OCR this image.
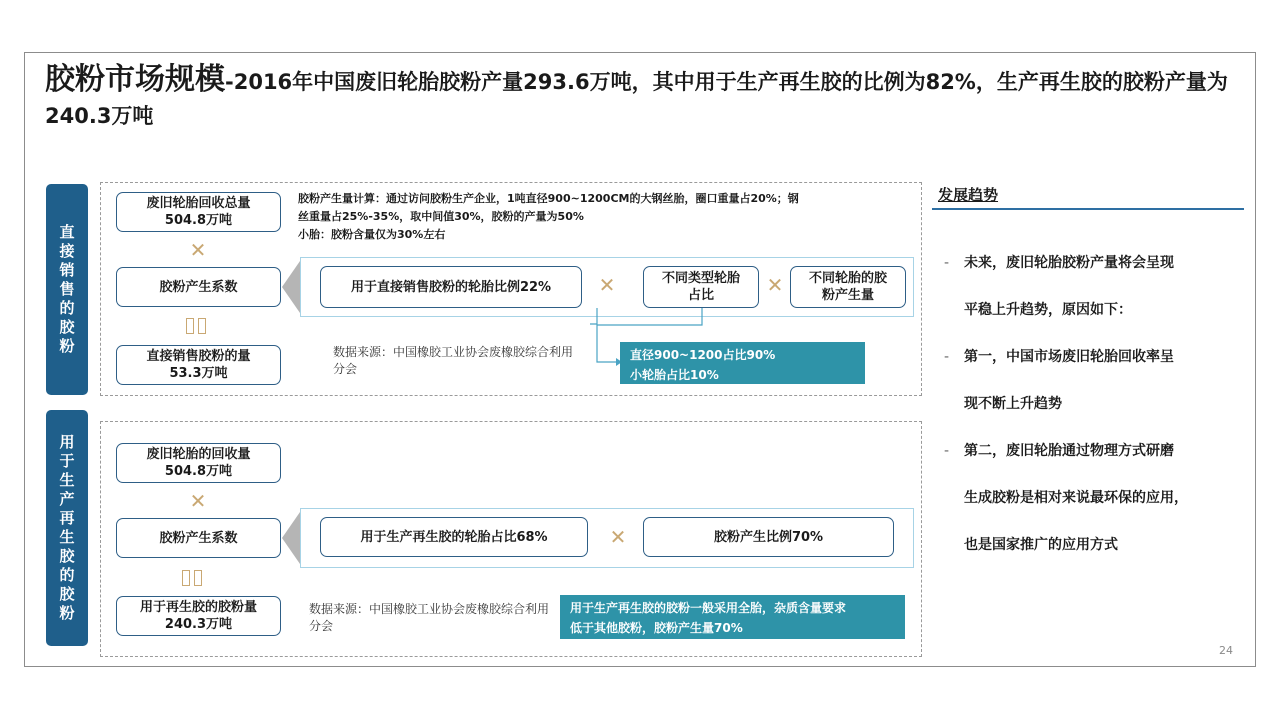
胶粉市场规模-2016年中国废旧轮胎胶粉产量293.6万吨，其中用于生产再生胶的比例为82%，生产再生胶的胶粉产量为240.3万吨
直接销售的胶粉
废旧轮胎回收总量
504.8万吨
✕
胶粉产生系数
直接销售胶粉的量
53.3万吨
胶粉产生量计算：通过访问胶粉生产企业，1吨直径900~1200CM的大钢丝胎，圈口重量占20%；钢
丝重量占25%-35%，取中间值30%，胶粉的产量为50%
小胎：胶粉含量仅为30%左右
用于直接销售胶粉的轮胎比例22%	✕	不同类型轮胎
占比	✕	不同轮胎的胶
粉产生量
数据来源：中国橡胶工业协会废橡胶综合利用分会
直径900~1200占比90%
小轮胎占比10%
用于生产再生胶的胶粉
废旧轮胎的回收量
504.8万吨
✕
胶粉产生系数
用于再生胶的胶粉量
240.3万吨
用于生产再生胶的轮胎占比68%	✕	胶粉产生比例70%
数据来源：中国橡胶工业协会废橡胶综合利用分会
用于生产再生胶的胶粉一般采用全胎，杂质含量要求
低于其他胶粉，胶粉产生量70%
发展趋势
- 未来，废旧轮胎胶粉产量将会呈现
平稳上升趋势，原因如下：
- 第一，中国市场废旧轮胎回收率呈
现不断上升趋势
- 第二，废旧轮胎通过物理方式研磨
生成胶粉是相对来说最环保的应用，
也是国家推广的应用方式
24
